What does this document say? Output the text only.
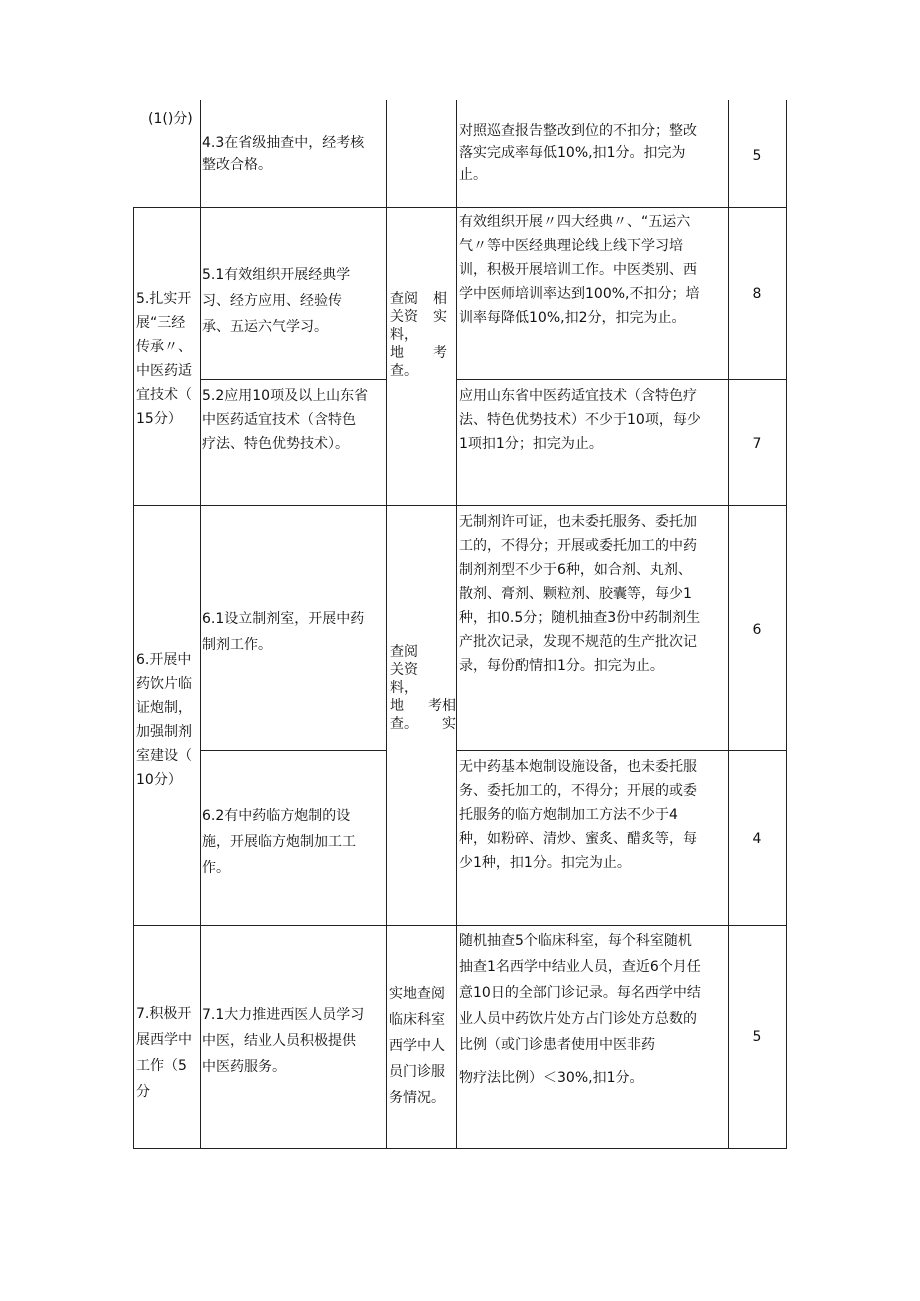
(1()分)
4.3在省级抽查中，经考核
整改合格。
对照巡查报告整改到位的不扣分；整改
落实完成率每低10%,扣1分。扣完为
止。
5
5.扎实开
展“三经
传承〃、
中医药适
宜技术（
15分）
5.1有效组织开展经典学
习、经方应用、经验传
承、五运六气学习。
查阅
关资
料，
地查。
相
实

考
有效组织开展〃四大经典〃、“五运六
气〃等中医经典理论线上线下学习培
训，积极开展培训工作。中医类别、西
学中医师培训率达到100%,不扣分；培
训率每降低10%,扣2分，扣完为止。
8
5.2应用10项及以上山东省
中医药适宜技术（含特色
疗法、特色优势技术）。
应用山东省中医药适宜技术（含特色疗
法、特色优势技术）不少于10项，每少
1项扣1分；扣完为止。	7
6.开展中
药饮片临
证炮制，
加强制剂
室建设（
10分）
6.1设立制剂室，开展中药
制剂工作。	查阅
关资
料，
地查。

考相
实
无制剂许可证，也未委托服务、委托加
工的，不得分；开展或委托加工的中药
制剂剂型不少于6种，如合剂、丸剂、
散剂、膏剂、颗粒剂、胶囊等，每少1
种，扣0.5分；随机抽查3份中药制剂生
产批次记录，发现不规范的生产批次记
录，每份酌情扣1分。扣完为止。
6
6.2有中药临方炮制的设
施，开展临方炮制加工工
作。
无中药基本炮制设施设备，也未委托服
务、委托加工的，不得分；开展的或委
托服务的临方炮制加工方法不少于4
种，如粉碎、清炒、蜜炙、醋炙等，每
少1种，扣1分。扣完为止。
4
7.积极开
展西学中
工作（5分
7.1大力推进西医人员学习
中医，结业人员积极提供
中医药服务。
实地查阅
临床科室
西学中人
员门诊服
务情况。
随机抽查5个临床科室，每个科室随机
抽查1名西学中结业人员，查近6个月任
意10日的全部门诊记录。每名西学中结
业人员中药饮片处方占门诊处方总数的
比例（或门诊患者使用中医非药
物疗法比例）＜30%,扣1分。
5
